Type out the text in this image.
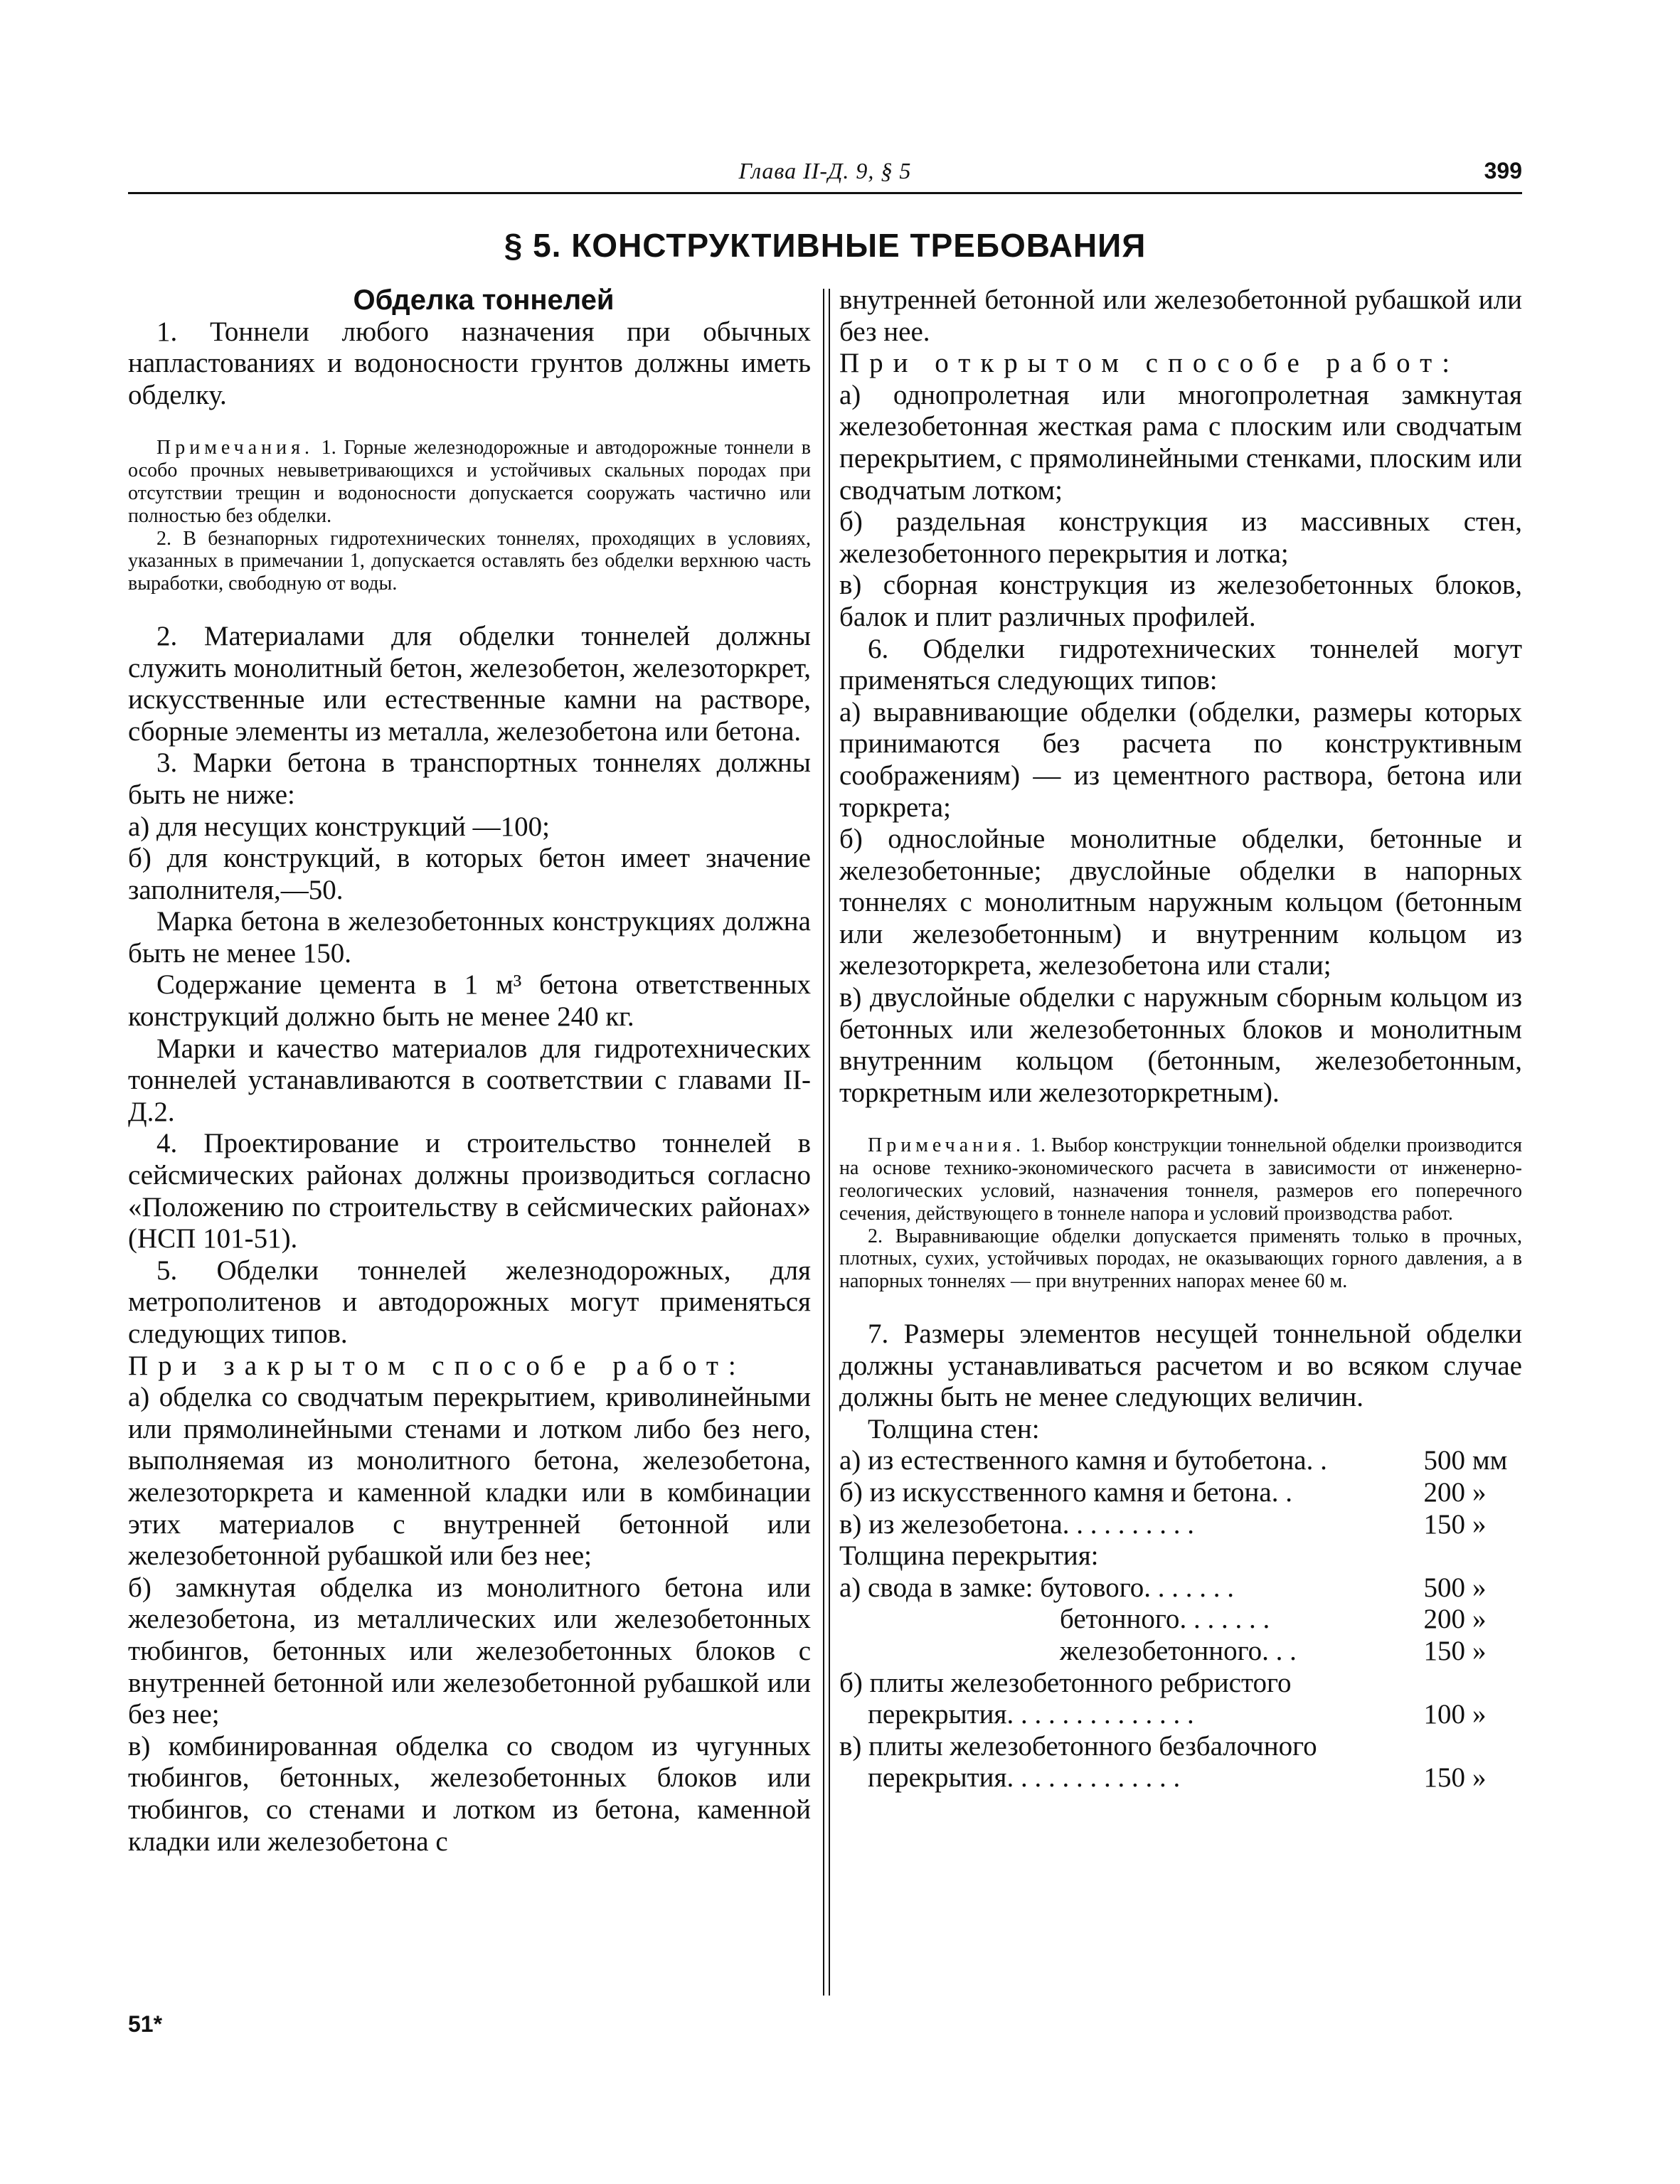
Глава II-Д. 9, § 5	399
§ 5. КОНСТРУКТИВНЫЕ ТРЕБОВАНИЯ

Обделка тоннелей

1. Тоннели любого назначения при обычных напластованиях и водоносности грунтов должны иметь обделку.

Примечания. 1. Горные железнодорожные и автодорожные тоннели в особо прочных невыветривающихся и устойчивых скальных породах при отсутствии трещин и водоносности допускается сооружать частично или полностью без обделки.

2. В безнапорных гидротехнических тоннелях, проходящих в условиях, указанных в примечании 1, допускается оставлять без обделки верхнюю часть выработки, свободную от воды.

2. Материалами для обделки тоннелей должны служить монолитный бетон, железобетон, железоторкрет, искусственные или естественные камни на растворе, сборные элементы из металла, железобетона или бетона.

3. Марки бетона в транспортных тоннелях должны быть не ниже:

а) для несущих конструкций —100;

б) для конструкций, в которых бетон имеет значение заполнителя,—50.

Марка бетона в железобетонных конструкциях должна быть не менее 150.

Содержание цемента в 1 м³ бетона ответственных конструкций должно быть не менее 240 кг.

Марки и качество материалов для гидротехнических тоннелей устанавливаются в соответствии с главами II-Д.2.

4. Проектирование и строительство тоннелей в сейсмических районах должны производиться согласно «Положению по строительству в сейсмических районах» (НСП 101-51).

5. Обделки тоннелей железнодорожных, для метрополитенов и автодорожных могут применяться следующих типов.

При закрытом способе работ:

а) обделка со сводчатым перекрытием, криволинейными или прямолинейными стенами и лотком либо без него, выполняемая из монолитного бетона, железобетона, железоторкрета и каменной кладки или в комбинации этих материалов с внутренней бетонной или железобетонной рубашкой или без нее;

б) замкнутая обделка из монолитного бетона или железобетона, из металлических или железобетонных тюбингов, бетонных или железобетонных блоков с внутренней бетонной или железобетонной рубашкой или без нее;

в) комбинированная обделка со сводом из чугунных тюбингов, бетонных, железобетонных блоков или тюбингов, со стенами и лотком из бетона, каменной кладки или железобетона с

внутренней бетонной или железобетонной рубашкой или без нее.

При открытом способе работ:

а) однопролетная или многопролетная замкнутая железобетонная жесткая рама с плоским или сводчатым перекрытием, с прямолинейными стенками, плоским или сводчатым лотком;

б) раздельная конструкция из массивных стен, железобетонного перекрытия и лотка;

в) сборная конструкция из железобетонных блоков, балок и плит различных профилей.

6. Обделки гидротехнических тоннелей могут применяться следующих типов:

а) выравнивающие обделки (обделки, размеры которых принимаются без расчета по конструктивным соображениям) — из цементного раствора, бетона или торкрета;

б) однослойные монолитные обделки, бетонные и железобетонные; двуслойные обделки в напорных тоннелях с монолитным наружным кольцом (бетонным или железобетонным) и внутренним кольцом из железоторкрета, железобетона или стали;

в) двуслойные обделки с наружным сборным кольцом из бетонных или железобетонных блоков и монолитным внутренним кольцом (бетонным, железобетонным, торкретным или железоторкретным).

Примечания. 1. Выбор конструкции тоннельной обделки производится на основе технико-экономического расчета в зависимости от инженерно-геологических условий, назначения тоннеля, размеров его поперечного сечения, действующего в тоннеле напора и условий производства работ.

2. Выравнивающие обделки допускается применять только в прочных, плотных, сухих, устойчивых породах, не оказывающих горного давления, а в напорных тоннелях — при внутренних напорах менее 60 м.

7. Размеры элементов несущей тоннельной обделки должны устанавливаться расчетом и во всяком случае должны быть не менее следующих величин.

Толщина стен:

а) из естественного камня и бутобетона. .	500	мм
б) из искусственного камня и бетона. .	200	»
в) из железобетона. . . . . . . . . .	150	»
Толщина перекрытия:		
а) свода в замке: бутового. . . . . . .	500	»
бетонного. . . . . . .	200	»
железобетонного. . .	150	»
б) плиты железобетонного ребристого		
перекрытия. . . . . . . . . . . . . .	100	»
в) плиты железобетонного безбалочного		
перекрытия. . . . . . . . . . . . .	150	»
51*
